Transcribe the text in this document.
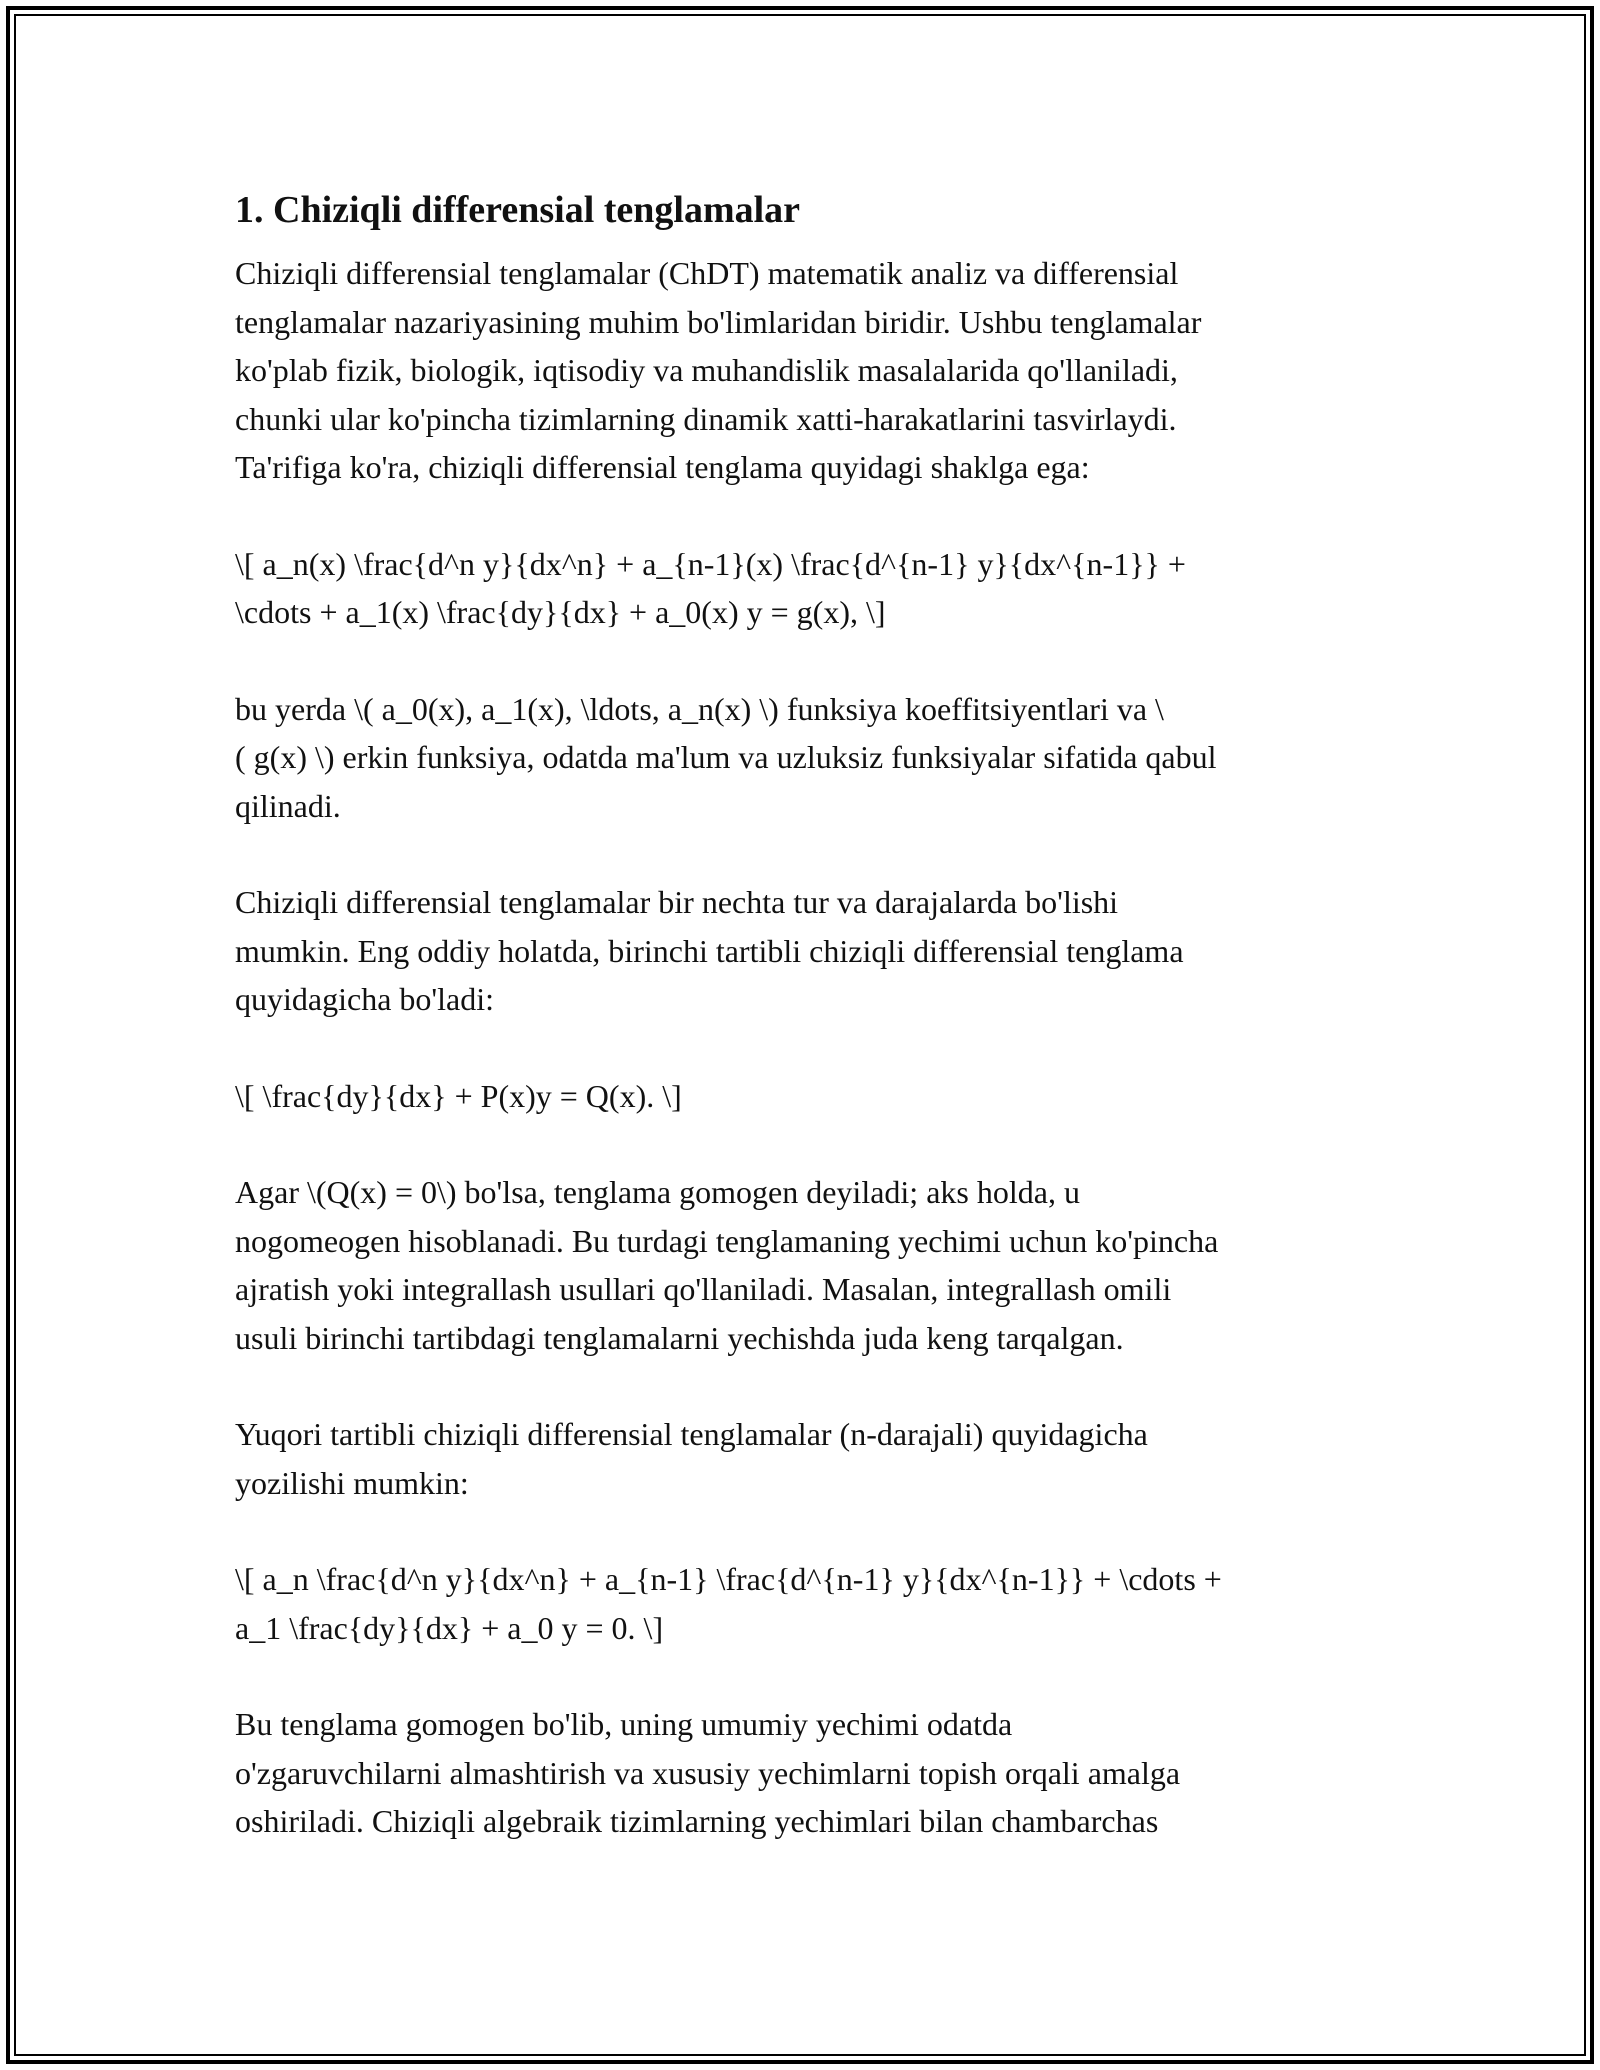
1. Chiziqli differensial tenglamalar

Chiziqli differensial tenglamalar (ChDT) matematik analiz va differensial
tenglamalar nazariyasining muhim bo'limlaridan biridir. Ushbu tenglamalar
ko'plab fizik, biologik, iqtisodiy va muhandislik masalalarida qo'llaniladi,
chunki ular ko'pincha tizimlarning dinamik xatti-harakatlarini tasvirlaydi.
Ta'rifiga ko'ra, chiziqli differensial tenglama quyidagi shaklga ega:

\[ a_n(x) \frac{d^n y}{dx^n} + a_{n-1}(x) \frac{d^{n-1} y}{dx^{n-1}} +
\cdots + a_1(x) \frac{dy}{dx} + a_0(x) y = g(x), \]

bu yerda \( a_0(x), a_1(x), \ldots, a_n(x) \) funksiya koeffitsiyentlari va \
( g(x) \) erkin funksiya, odatda ma'lum va uzluksiz funksiyalar sifatida qabul
qilinadi.

Chiziqli differensial tenglamalar bir nechta tur va darajalarda bo'lishi
mumkin. Eng oddiy holatda, birinchi tartibli chiziqli differensial tenglama
quyidagicha bo'ladi:

\[ \frac{dy}{dx} + P(x)y = Q(x). \]

Agar \(Q(x) = 0\) bo'lsa, tenglama gomogen deyiladi; aks holda, u
nogomeogen hisoblanadi. Bu turdagi tenglamaning yechimi uchun ko'pincha
ajratish yoki integrallash usullari qo'llaniladi. Masalan, integrallash omili
usuli birinchi tartibdagi tenglamalarni yechishda juda keng tarqalgan.

Yuqori tartibli chiziqli differensial tenglamalar (n-darajali) quyidagicha
yozilishi mumkin:

\[ a_n \frac{d^n y}{dx^n} + a_{n-1} \frac{d^{n-1} y}{dx^{n-1}} + \cdots +
a_1 \frac{dy}{dx} + a_0 y = 0. \]

Bu tenglama gomogen bo'lib, uning umumiy yechimi odatda
o'zgaruvchilarni almashtirish va xususiy yechimlarni topish orqali amalga
oshiriladi. Chiziqli algebraik tizimlarning yechimlari bilan chambarchas
